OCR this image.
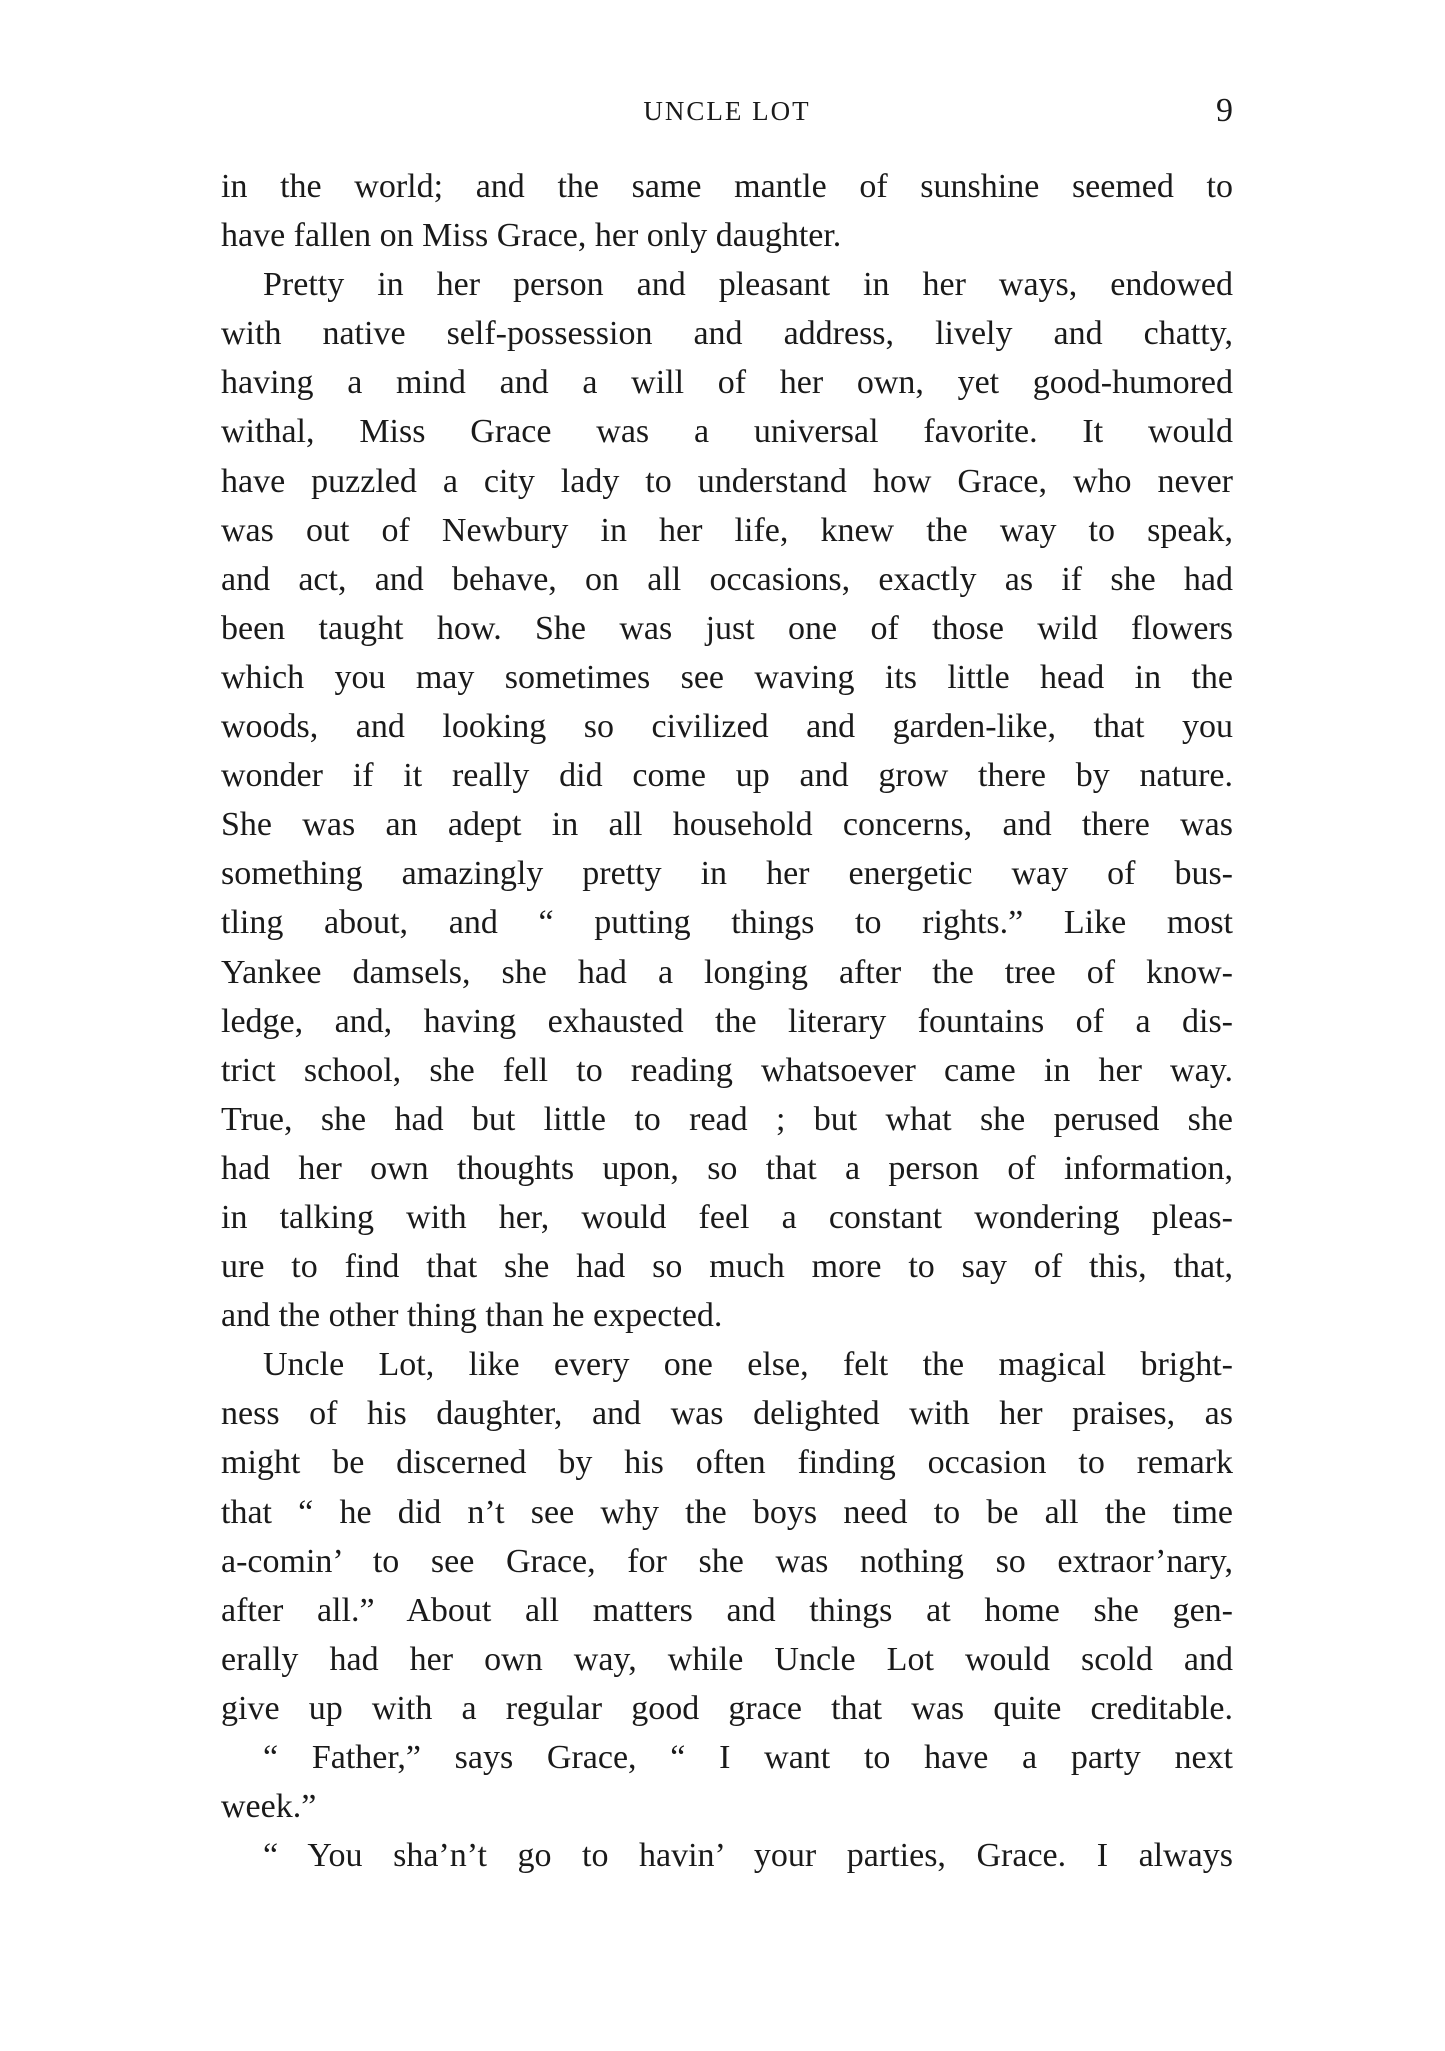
UNCLE LOT	9
in the world; and the same mantle of sunshine seemed to
have fallen on Miss Grace, her only daughter.
Pretty in her person and pleasant in her ways, endowed
with native self-possession and address, lively and chatty,
having a mind and a will of her own, yet good-humored
withal, Miss Grace was a universal favorite. It would
have puzzled a city lady to understand how Grace, who never
was out of Newbury in her life, knew the way to speak,
and act, and behave, on all occasions, exactly as if she had
been taught how. She was just one of those wild flowers
which you may sometimes see waving its little head in the
woods, and looking so civilized and garden-like, that you
wonder if it really did come up and grow there by nature.
She was an adept in all household concerns, and there was
something amazingly pretty in her energetic way of bus-
tling about, and “ putting things to rights.” Like most
Yankee damsels, she had a longing after the tree of know-
ledge, and, having exhausted the literary fountains of a dis-
trict school, she fell to reading whatsoever came in her way.
True, she had but little to read ; but what she perused she
had her own thoughts upon, so that a person of information,
in talking with her, would feel a constant wondering pleas-
ure to find that she had so much more to say of this, that,
and the other thing than he expected.
Uncle Lot, like every one else, felt the magical bright-
ness of his daughter, and was delighted with her praises, as
might be discerned by his often finding occasion to remark
that “ he did n’t see why the boys need to be all the time
a-comin’ to see Grace, for she was nothing so extraor’nary,
after all.” About all matters and things at home she gen-
erally had her own way, while Uncle Lot would scold and
give up with a regular good grace that was quite creditable.
“ Father,” says Grace, “ I want to have a party next
week.”
“ You sha’n’t go to havin’ your parties, Grace. I always
